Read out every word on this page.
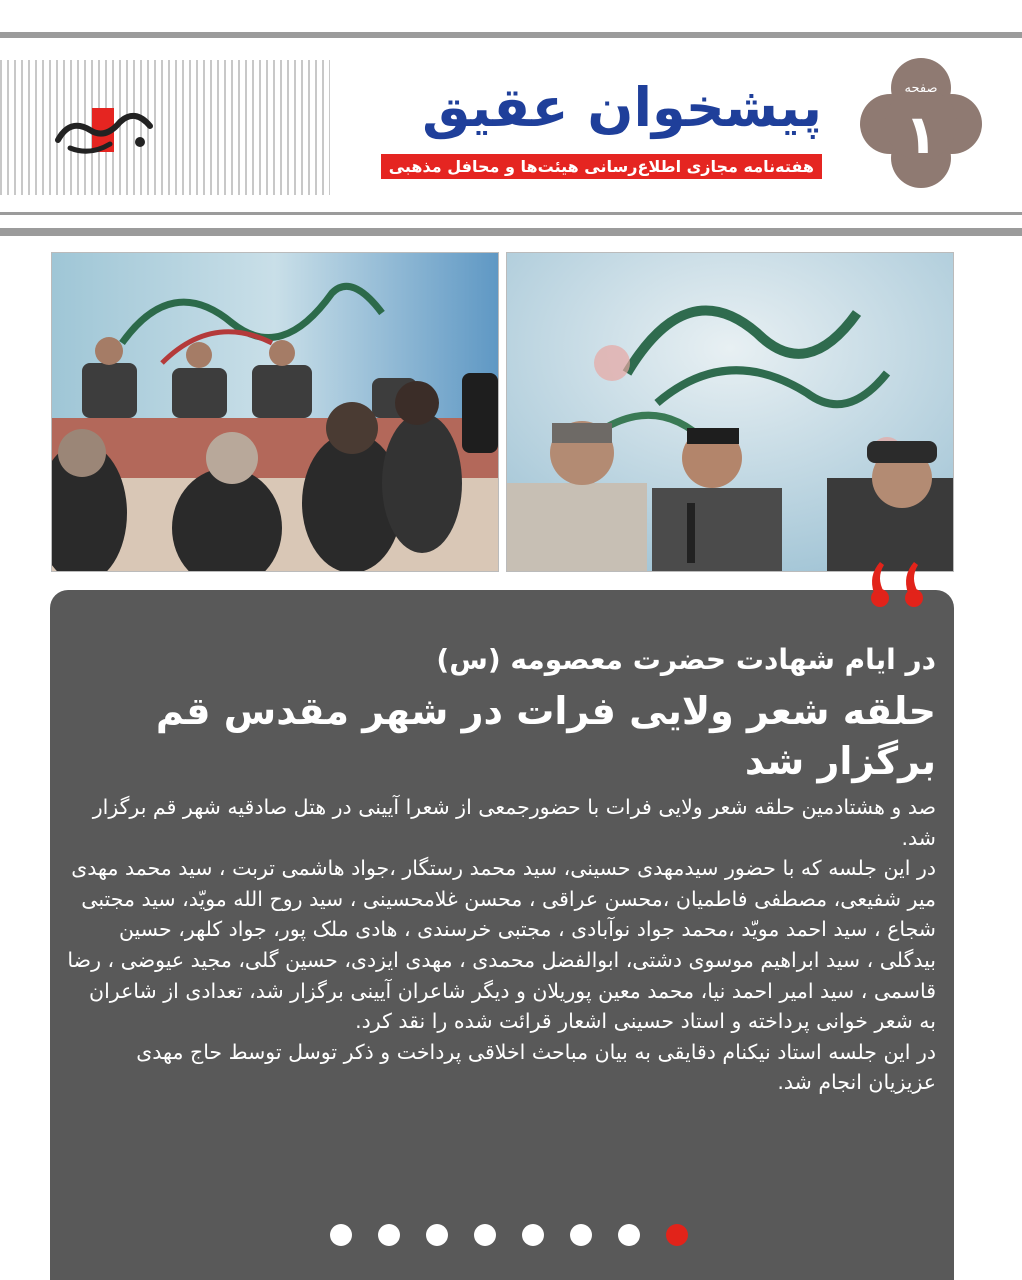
پیشخوان عقیق
هفته‌نامه مجازی اطلاع‌رسانی هیئت‌ها و محافل مذهبی
صفحه
۱
در ایام شهادت حضرت معصومه (س)
حلقه شعر ولایی فرات در شهر مقدس قم برگزار شد

صد و هشتادمین حلقه شعر ولایی فرات با حضورجمعی از شعرا آیینی در هتل صادقیه شهر قم برگزار شد.

در این جلسه که با حضور سیدمهدی حسینی، سید محمد رستگار ،جواد هاشمی تربت ، سید محمد مهدی میر شفیعی، مصطفی فاطمیان ،محسن عراقی ، محسن غلامحسینی ، سید روح الله مویّد، سید مجتبی شجاع ، سید احمد مویّد ،محمد جواد نوآبادی ، مجتبی خرسندی ، هادی ملک پور، جواد کلهر، حسین بیدگلی ، سید ابراهیم موسوی دشتی، ابوالفضل محمدی ، مهدی ایزدی، حسین گلی، مجید عیوضی ، رضا قاسمی ، سید امیر احمد نیا، محمد معین پوریلان و دیگر شاعران آیینی برگزار شد، تعدادی از شاعران به شعر خوانی پرداخته و استاد حسینی اشعار قرائت شده را نقد کرد.

در این جلسه استاد نیکنام دقایقی به بیان مباحث اخلاقی پرداخت و ذکر توسل توسط حاج مهدی عزیزیان انجام شد.
